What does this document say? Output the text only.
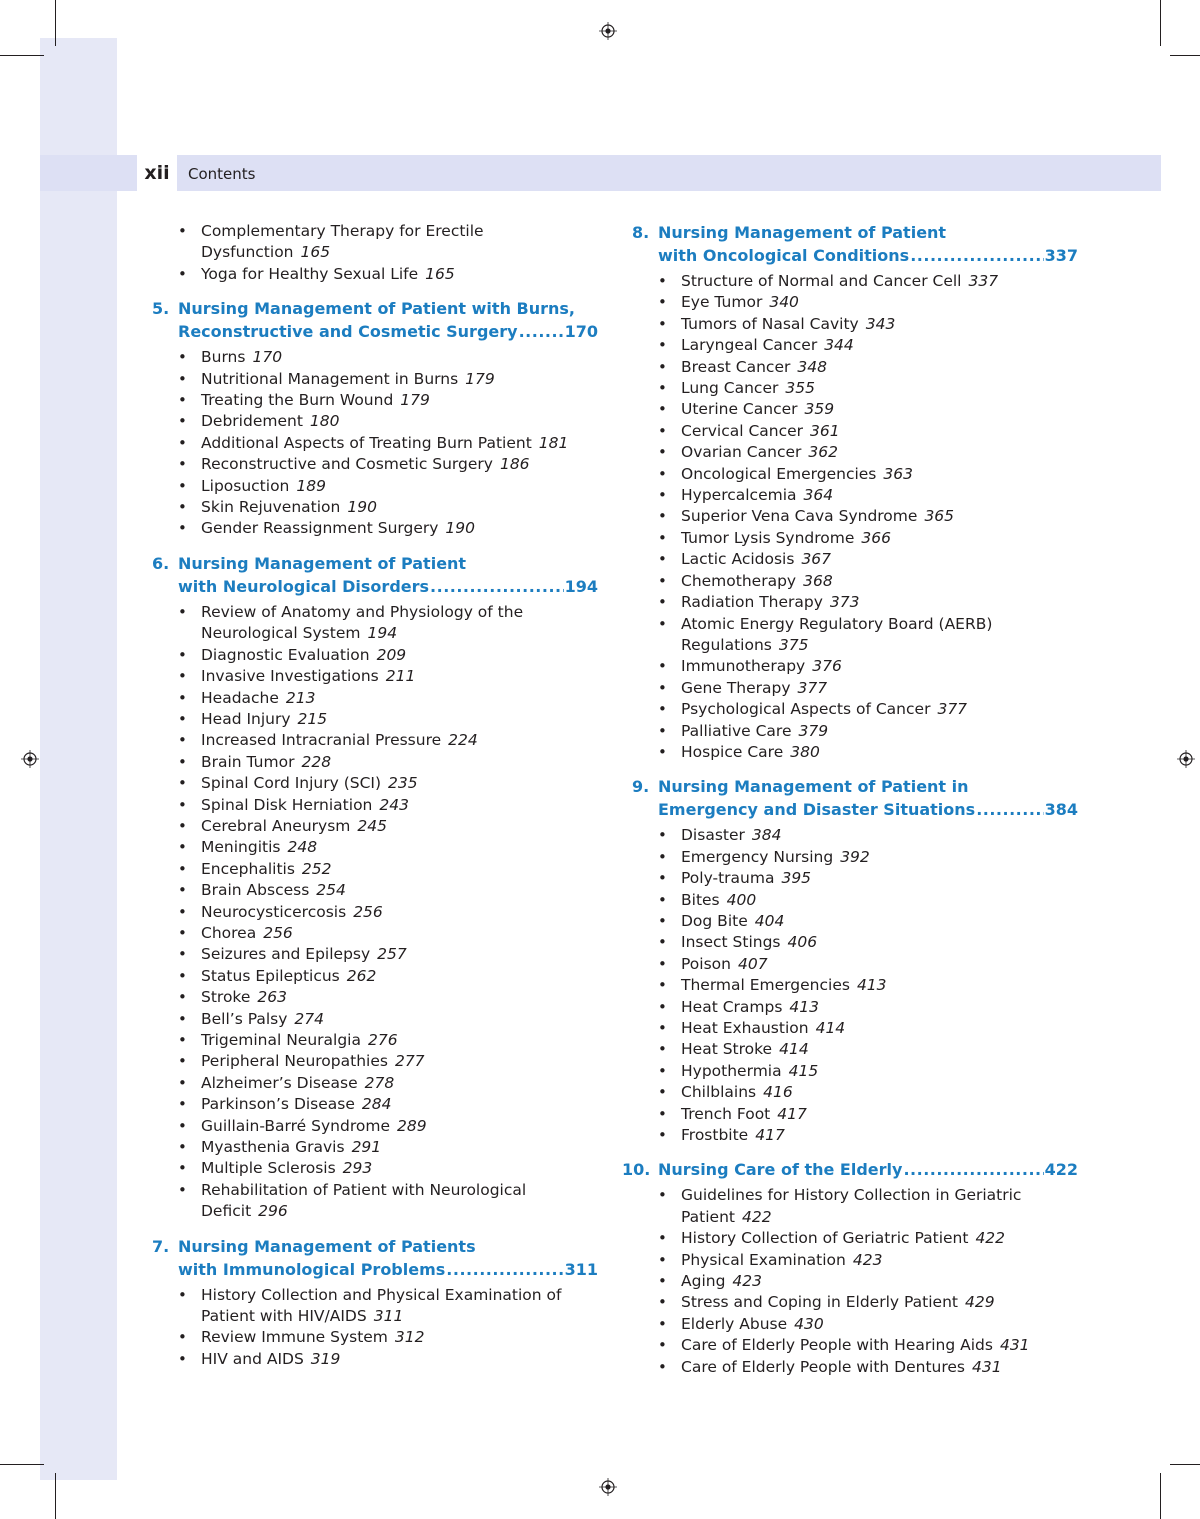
xii	Contents
• Complementary Therapy for Erectile Dysfunction 165
• Yoga for Healthy Sexual Life 165
5. Nursing Management of Patient with Burns,
Reconstructive and Cosmetic Surgery .....	170
• Burns 170
• Nutritional Management in Burns 179
• Treating the Burn Wound 179
• Debridement 180
• Additional Aspects of Treating Burn Patient 181
• Reconstructive and Cosmetic Surgery 186
• Liposuction 189
• Skin Rejuvenation 190
• Gender Reassignment Surgery 190
6. Nursing Management of Patient
with Neurological Disorders .....	194
• Review of Anatomy and Physiology of the Neurological System 194
• Diagnostic Evaluation 209
• Invasive Investigations 211
• Headache 213
• Head Injury 215
• Increased Intracranial Pressure 224
• Brain Tumor 228
• Spinal Cord Injury (SCI) 235
• Spinal Disk Herniation 243
• Cerebral Aneurysm 245
• Meningitis 248
• Encephalitis 252
• Brain Abscess 254
• Neurocysticercosis 256
• Chorea 256
• Seizures and Epilepsy 257
• Status Epilepticus 262
• Stroke 263
• Bell’s Palsy 274
• Trigeminal Neuralgia 276
• Peripheral Neuropathies 277
• Alzheimer’s Disease 278
• Parkinson’s Disease 284
• Guillain-Barré Syndrome 289
• Myasthenia Gravis 291
• Multiple Sclerosis 293
• Rehabilitation of Patient with Neurological Deficit 296
7. Nursing Management of Patients
with Immunological Problems .....	311
• History Collection and Physical Examination of Patient with HIV/AIDS 311
• Review Immune System 312
• HIV and AIDS 319
8. Nursing Management of Patient
with Oncological Conditions .....	337
• Structure of Normal and Cancer Cell 337
• Eye Tumor 340
• Tumors of Nasal Cavity 343
• Laryngeal Cancer 344
• Breast Cancer 348
• Lung Cancer 355
• Uterine Cancer 359
• Cervical Cancer 361
• Ovarian Cancer 362
• Oncological Emergencies 363
• Hypercalcemia 364
• Superior Vena Cava Syndrome 365
• Tumor Lysis Syndrome 366
• Lactic Acidosis 367
• Chemotherapy 368
• Radiation Therapy 373
• Atomic Energy Regulatory Board (AERB) Regulations 375
• Immunotherapy 376
• Gene Therapy 377
• Psychological Aspects of Cancer 377
• Palliative Care 379
• Hospice Care 380
9. Nursing Management of Patient in
Emergency and Disaster Situations .....	384
• Disaster 384
• Emergency Nursing 392
• Poly-trauma 395
• Bites 400
• Dog Bite 404
• Insect Stings 406
• Poison 407
• Thermal Emergencies 413
• Heat Cramps 413
• Heat Exhaustion 414
• Heat Stroke 414
• Hypothermia 415
• Chilblains 416
• Trench Foot 417
• Frostbite 417
10. Nursing Care of the Elderly .....	422
• Guidelines for History Collection in Geriatric Patient 422
• History Collection of Geriatric Patient 422
• Physical Examination 423
• Aging 423
• Stress and Coping in Elderly Patient 429
• Elderly Abuse 430
• Care of Elderly People with Hearing Aids 431
• Care of Elderly People with Dentures 431
